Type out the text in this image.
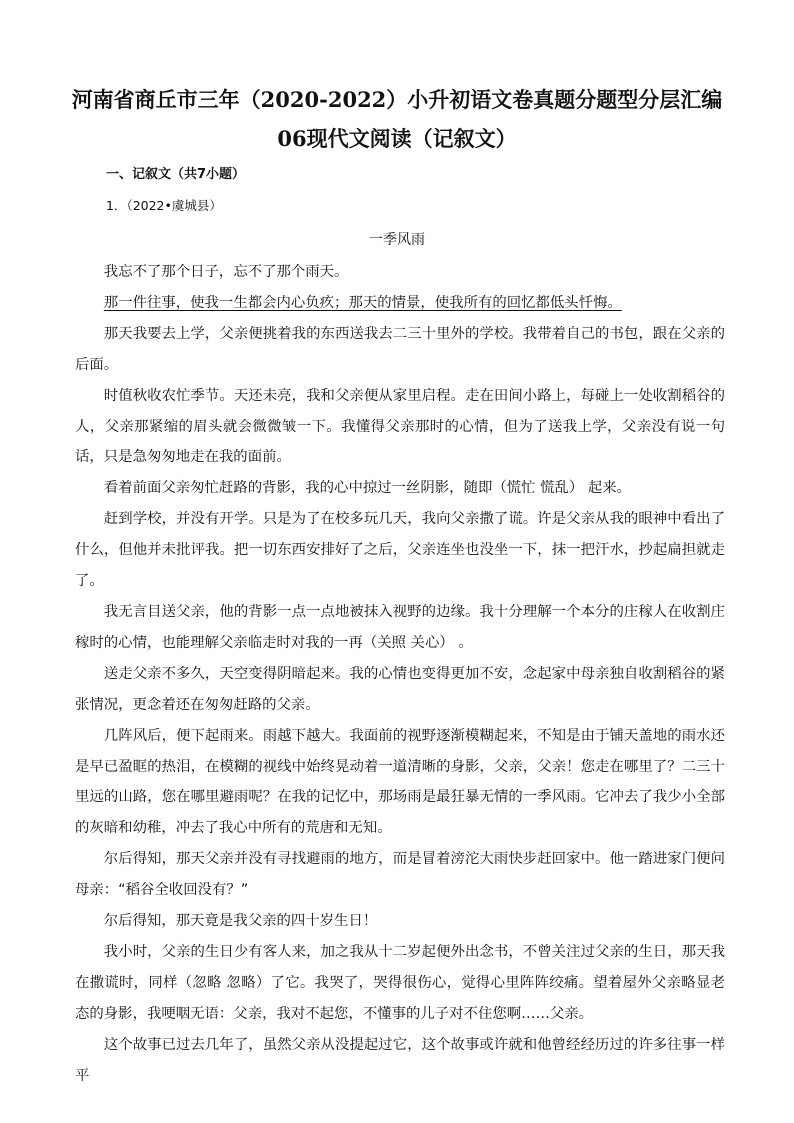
河南省商丘市三年（2020-2022）小升初语文卷真题分题型分层汇编
06现代文阅读（记叙文）
一、记叙文（共7小题）
1．（2022•虞城县）
一季风雨

我忘不了那个日子，忘不了那个雨天。

那一件往事，使我一生都会内心负疚；那天的情景，使我所有的回忆都低头忏悔。

那天我要去上学，父亲便挑着我的东西送我去二三十里外的学校。我带着自己的书包，跟在父亲的后面。

时值秋收农忙季节。天还未亮，我和父亲便从家里启程。走在田间小路上，每碰上一处收割稻谷的人，父亲那紧缩的眉头就会微微皱一下。我懂得父亲那时的心情，但为了送我上学，父亲没有说一句话，只是急匆匆地走在我的面前。

看着前面父亲匆忙赶路的背影，我的心中掠过一丝阴影，随即（慌忙 慌乱） 起来。

赶到学校，并没有开学。只是为了在校多玩几天，我向父亲撒了谎。许是父亲从我的眼神中看出了什么，但他并未批评我。把一切东西安排好了之后，父亲连坐也没坐一下，抹一把汗水，抄起扁担就走了。

我无言目送父亲，他的背影一点一点地被抹入视野的边缘。我十分理解一个本分的庄稼人在收割庄稼时的心情，也能理解父亲临走时对我的一再（关照 关心） 。

送走父亲不多久，天空变得阴暗起来。我的心情也变得更加不安，念起家中母亲独自收割稻谷的紧张情况，更念着还在匆匆赶路的父亲。

几阵风后，便下起雨来。雨越下越大。我面前的视野逐渐模糊起来，不知是由于铺天盖地的雨水还是早已盈眶的热泪，在模糊的视线中始终晃动着一道清晰的身影，父亲，父亲！您走在哪里了？二三十里远的山路，您在哪里避雨呢？在我的记忆中，那场雨是最狂暴无情的一季风雨。它冲去了我少小全部的灰暗和幼稚，冲去了我心中所有的荒唐和无知。

尔后得知，那天父亲并没有寻找避雨的地方，而是冒着滂沱大雨快步赶回家中。他一踏进家门便问母亲：“稻谷全收回没有？”

尔后得知，那天竟是我父亲的四十岁生日！

我小时，父亲的生日少有客人来，加之我从十二岁起便外出念书，不曾关注过父亲的生日，那天我在撒谎时，同样（忽略 忽略）了它。我哭了，哭得很伤心，觉得心里阵阵绞痛。望着屋外父亲略显老态的身影，我哽咽无语：父亲，我对不起您，不懂事的儿子对不住您啊……父亲。

这个故事已过去几年了，虽然父亲从没提起过它，这个故事或许就和他曾经经历过的许多往事一样平
